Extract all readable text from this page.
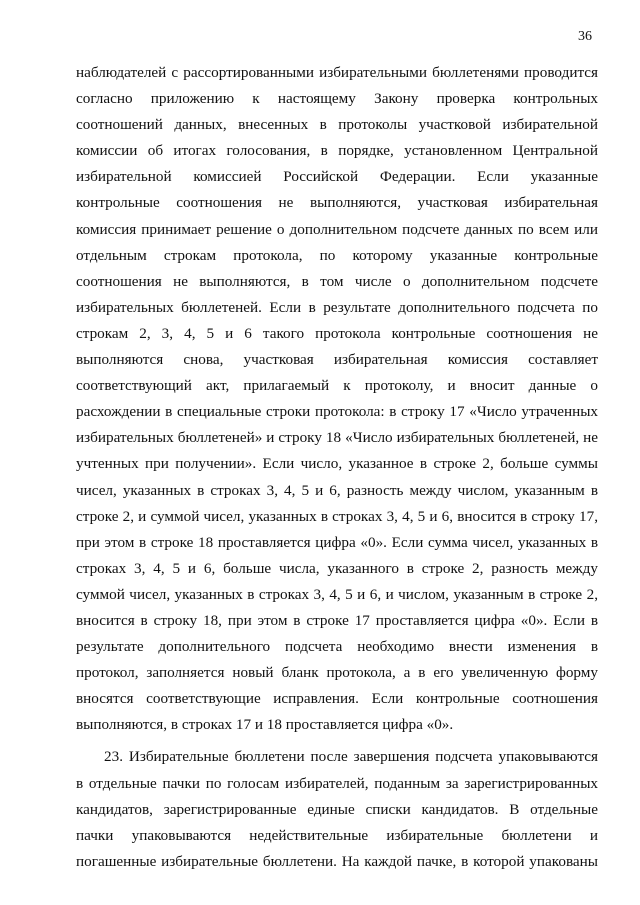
36
наблюдателей с рассортированными избирательными бюллетенями проводится
согласно приложению к настоящему Закону проверка контрольных
соотношений данных, внесенных в протоколы участковой избирательной
комиссии об итогах голосования, в порядке, установленном Центральной
избирательной комиссией Российской Федерации. Если указанные
контрольные соотношения не выполняются, участковая избирательная
комиссия принимает решение о дополнительном подсчете данных по всем или
отдельным строкам протокола, по которому указанные контрольные
соотношения не выполняются, в том числе о дополнительном подсчете
избирательных бюллетеней. Если в результате дополнительного подсчета по
строкам 2, 3, 4, 5 и 6 такого протокола контрольные соотношения не
выполняются снова, участковая избирательная комиссия составляет
соответствующий акт, прилагаемый к протоколу, и вносит данные о
расхождении в специальные строки протокола: в строку 17 «Число утраченных
избирательных бюллетеней» и строку 18 «Число избирательных бюллетеней, не
учтенных при получении». Если число, указанное в строке 2, больше суммы
чисел, указанных в строках 3, 4, 5 и 6, разность между числом, указанным в
строке 2, и суммой чисел, указанных в строках 3, 4, 5 и 6, вносится в строку 17,
при этом в строке 18 проставляется цифра «0». Если сумма чисел, указанных в
строках 3, 4, 5 и 6, больше числа, указанного в строке 2, разность между
суммой чисел, указанных в строках 3, 4, 5 и 6, и числом, указанным в строке 2,
вносится в строку 18, при этом в строке 17 проставляется цифра «0». Если в
результате дополнительного подсчета необходимо внести изменения в
протокол, заполняется новый бланк протокола, а в его увеличенную форму
вносятся соответствующие исправления. Если контрольные соотношения
выполняются, в строках 17 и 18 проставляется цифра «0».
23. Избирательные бюллетени после завершения подсчета упаковываются
в отдельные пачки по голосам избирателей, поданным за зарегистрированных
кандидатов, зарегистрированные единые списки кандидатов. В отдельные
пачки упаковываются недействительные избирательные бюллетени и
погашенные избирательные бюллетени. На каждой пачке, в которой упакованы
